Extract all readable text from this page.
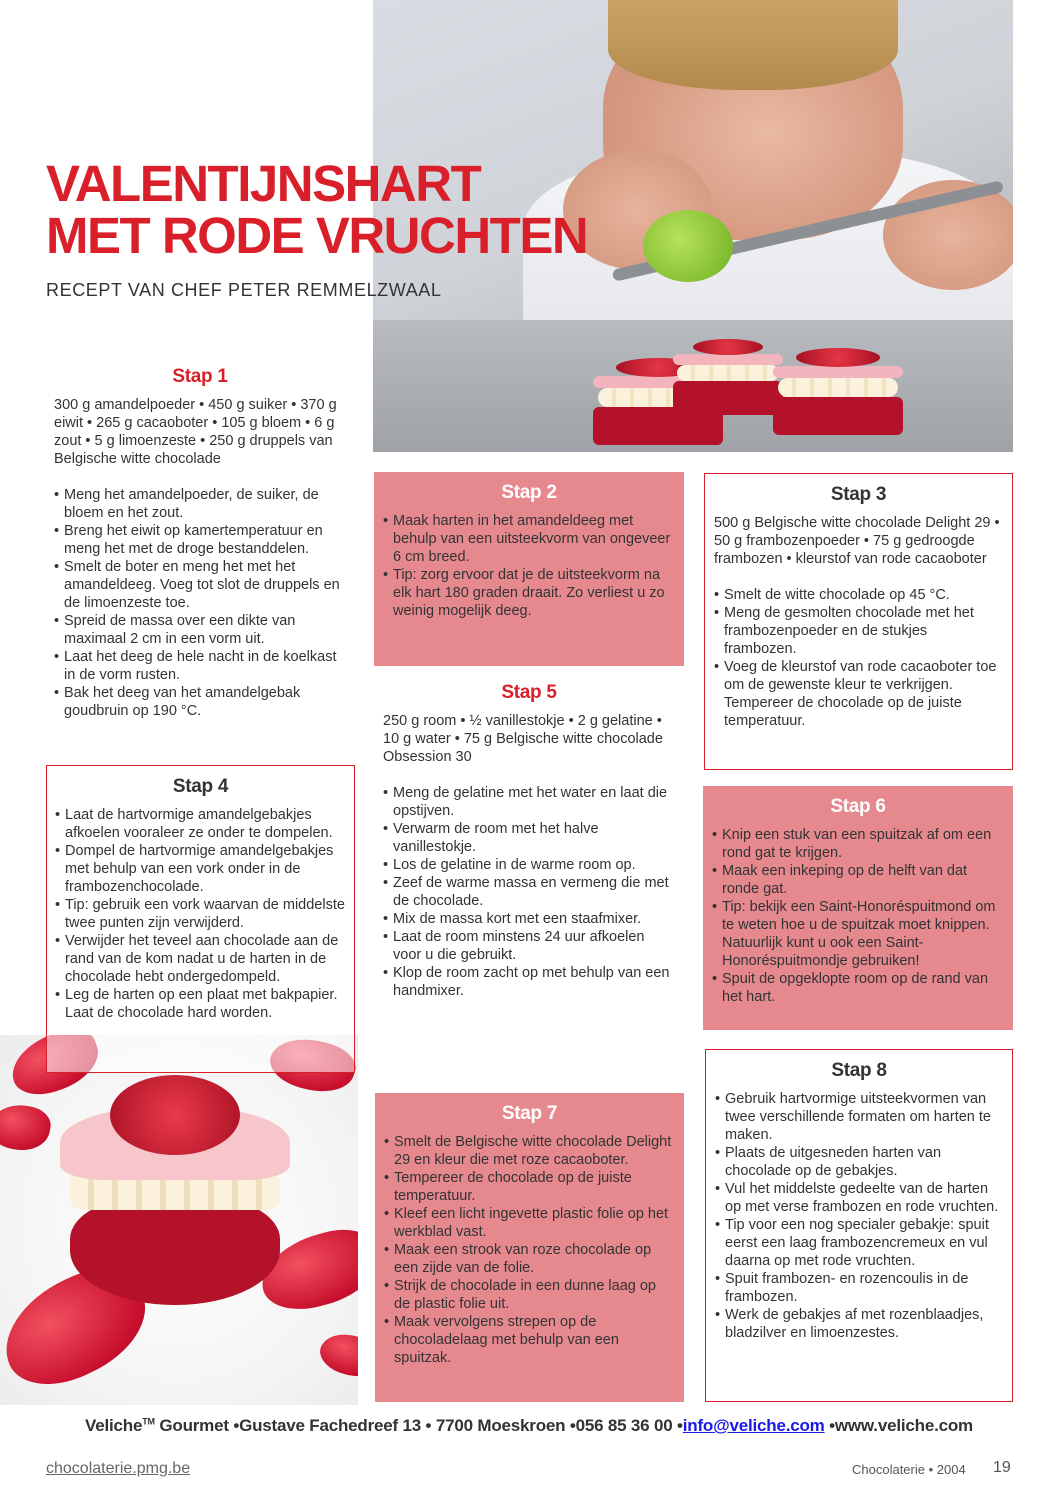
VALENTIJNSHART
MET RODE VRUCHTEN
RECEPT VAN CHEF PETER REMMELZWAAL
Stap 1

300 g amandelpoeder • 450 g suiker • 370 g eiwit • 265 g cacaoboter • 105 g bloem • 6 g zout • 5 g limoenzeste • 250 g druppels van Belgische witte chocolade

• Meng het amandelpoeder, de suiker, de bloem en het zout.
• Breng het eiwit op kamertemperatuur en meng het met de droge bestanddelen.
• Smelt de boter en meng het met het amandeldeeg. Voeg tot slot de druppels en de limoenzeste toe.
• Spreid de massa over een dikte van maximaal 2 cm in een vorm uit.
• Laat het deeg de hele nacht in de koelkast in de vorm rusten.
• Bak het deeg van het amandelgebak goudbruin op 190 °C.
Stap 2
• Maak harten in het amandeldeeg met behulp van een uitsteekvorm van ongeveer 6 cm breed.
• Tip: zorg ervoor dat je de uitsteekvorm na elk hart 180 graden draait. Zo verliest u zo weinig mogelijk deeg.
Stap 3

500 g Belgische witte chocolade Delight 29 • 50 g frambozenpoeder • 75 g gedroogde frambozen • kleurstof van rode cacaoboter

• Smelt de witte chocolade op 45 °C.
• Meng de gesmolten chocolade met het frambozenpoeder en de stukjes frambozen.
• Voeg de kleurstof van rode cacaoboter toe om de gewenste kleur te verkrijgen. Tempereer de chocolade op de juiste temperatuur.
Stap 5

250 g room • ½ vanillestokje • 2 g gelatine • 10 g water • 75 g Belgische witte chocolade Obsession 30

• Meng de gelatine met het water en laat die opstijven.
• Verwarm de room met het halve vanillestokje.
• Los de gelatine in de warme room op.
• Zeef de warme massa en vermeng die met de chocolade.
• Mix de massa kort met een staafmixer.
• Laat de room minstens 24 uur afkoelen voor u die gebruikt.
• Klop de room zacht op met behulp van een handmixer.
Stap 4
• Laat de hartvormige amandelgebakjes afkoelen vooraleer ze onder te dompelen.
• Dompel de hartvormige amandelgebakjes met behulp van een vork onder in de frambozenchocolade.
• Tip: gebruik een vork waarvan de middelste twee punten zijn verwijderd.
• Verwijder het teveel aan chocolade aan de rand van de kom nadat u de harten in de chocolade hebt ondergedompeld.
• Leg de harten op een plaat met bakpapier. Laat de chocolade hard worden.
Stap 6
• Knip een stuk van een spuitzak af om een rond gat te krijgen.
• Maak een inkeping op de helft van dat ronde gat.
• Tip: bekijk een Saint-Honoréspuitmond om te weten hoe u de spuitzak moet knippen. Natuurlijk kunt u ook een Saint-Honoréspuitmondje gebruiken!
• Spuit de opgeklopte room op de rand van het hart.
Stap 8
• Gebruik hartvormige uitsteekvormen van twee verschillende formaten om harten te maken.
• Plaats de uitgesneden harten van chocolade op de gebakjes.
• Vul het middelste gedeelte van de harten op met verse frambozen en rode vruchten.
• Tip voor een nog specialer gebakje: spuit eerst een laag frambozencremeux en vul daarna op met rode vruchten.
• Spuit frambozen- en rozencoulis in de frambozen.
• Werk de gebakjes af met rozenblaadjes, bladzilver en limoenzestes.
Stap 7
• Smelt de Belgische witte chocolade Delight 29 en kleur die met roze cacaoboter.
• Tempereer de chocolade op de juiste temperatuur.
• Kleef een licht ingevette plastic folie op het werkblad vast.
• Maak een strook van roze chocolade op een zijde van de folie.
• Strijk de chocolade in een dunne laag op de plastic folie uit.
• Maak vervolgens strepen op de chocoladelaag met behulp van een spuitzak.
Veliche™ Gourmet •Gustave Fachedreef 13 • 7700 Moeskroen •056 85 36 00 •info@veliche.com •www.veliche.com
chocolaterie.pmg.be	Chocolaterie • 2004 19
